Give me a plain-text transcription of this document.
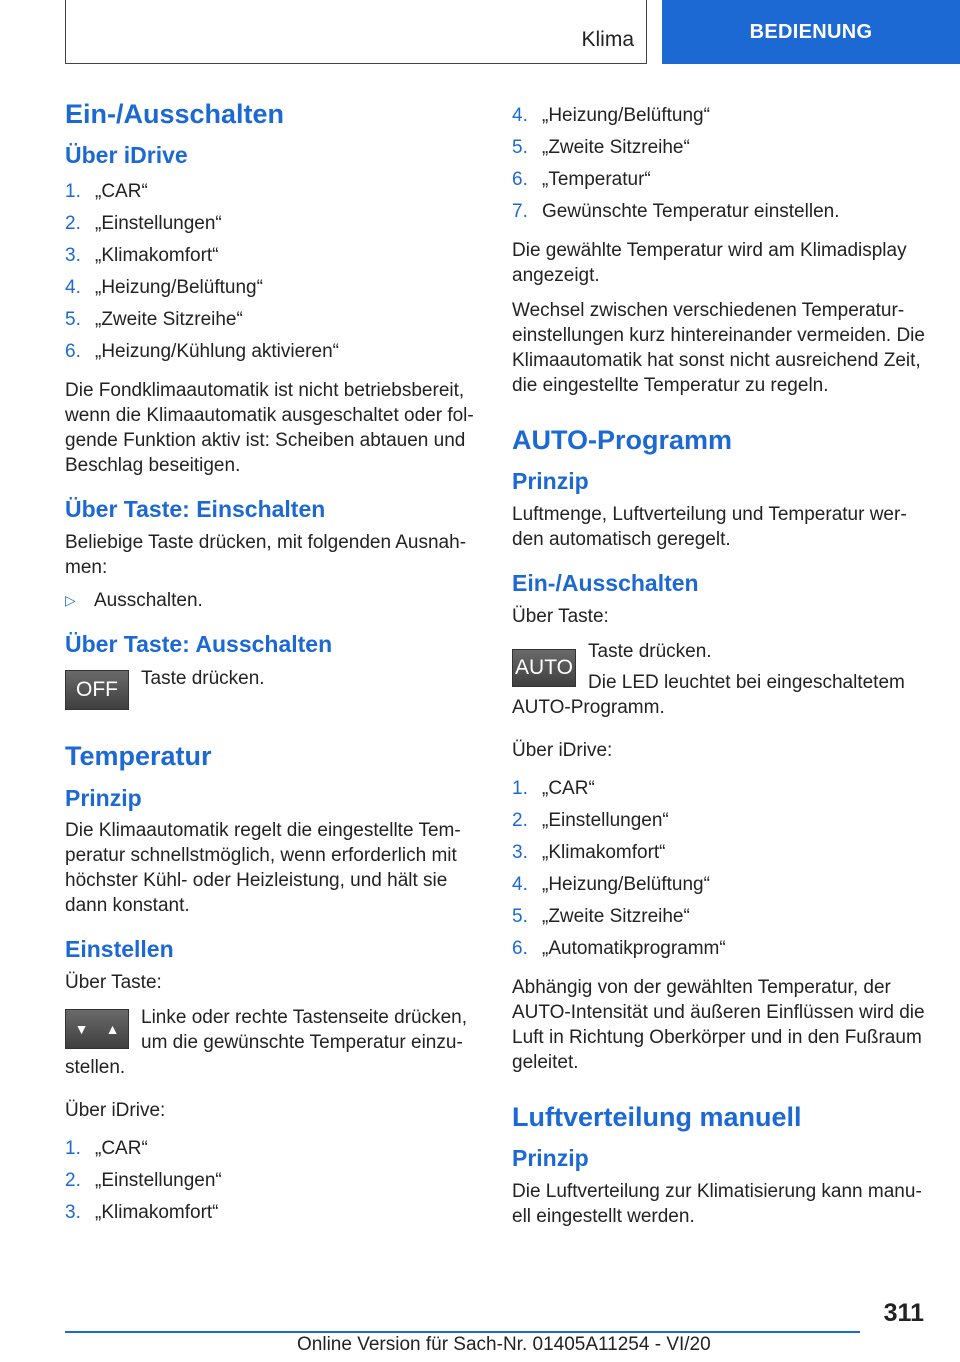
Klima	BEDIENUNG
Ein-/Ausschalten
Über iDrive
1. „CAR“
2. „Einstellungen“
3. „Klimakomfort“
4. „Heizung/Belüftung“
5. „Zweite Sitzreihe“
6. „Heizung/Kühlung aktivieren“

Die Fondklimaautomatik ist nicht betriebsbereit, wenn die Klimaautomatik ausgeschaltet oder folgende Funktion aktiv ist: Scheiben abtauen und Beschlag beseitigen.

Über Taste: Einschalten

Beliebige Taste drücken, mit folgenden Ausnahmen:

▷ Ausschalten.
Über Taste: Ausschalten
OFF	Taste drücken.

Temperatur
Prinzip

Die Klimaautomatik regelt die eingestellte Temperatur schnellstmöglich, wenn erforderlich mit höchster Kühl- oder Heizleistung, und hält sie dann konstant.

Einstellen

Über Taste:

▼ ▲

Linke oder rechte Tastenseite drücken, um die gewünschte Temperatur einzustellen.

Über iDrive:

1. „CAR“
2. „Einstellungen“
3. „Klimakomfort“
4. „Heizung/Belüftung“
5. „Zweite Sitzreihe“
6. „Temperatur“
7. Gewünschte Temperatur einstellen.

Die gewählte Temperatur wird am Klimadisplay angezeigt.

Wechsel zwischen verschiedenen Temperatureinstellungen kurz hintereinander vermeiden. Die Klimaautomatik hat sonst nicht ausreichend Zeit, die eingestellte Temperatur zu regeln.

AUTO-Programm
Prinzip

Luftmenge, Luftverteilung und Temperatur werden automatisch geregelt.

Ein-/Ausschalten

Über Taste:

AUTO

Taste drücken.

Die LED leuchtet bei eingeschaltetem AUTO-Programm.

Über iDrive:

1. „CAR“
2. „Einstellungen“
3. „Klimakomfort“
4. „Heizung/Belüftung“
5. „Zweite Sitzreihe“
6. „Automatikprogramm“

Abhängig von der gewählten Temperatur, der AUTO-Intensität und äußeren Einflüssen wird die Luft in Richtung Oberkörper und in den Fußraum geleitet.

Luftverteilung manuell
Prinzip

Die Luftverteilung zur Klimatisierung kann manuell eingestellt werden.

311
Online Version für Sach-Nr. 01405A11254 - VI/20
